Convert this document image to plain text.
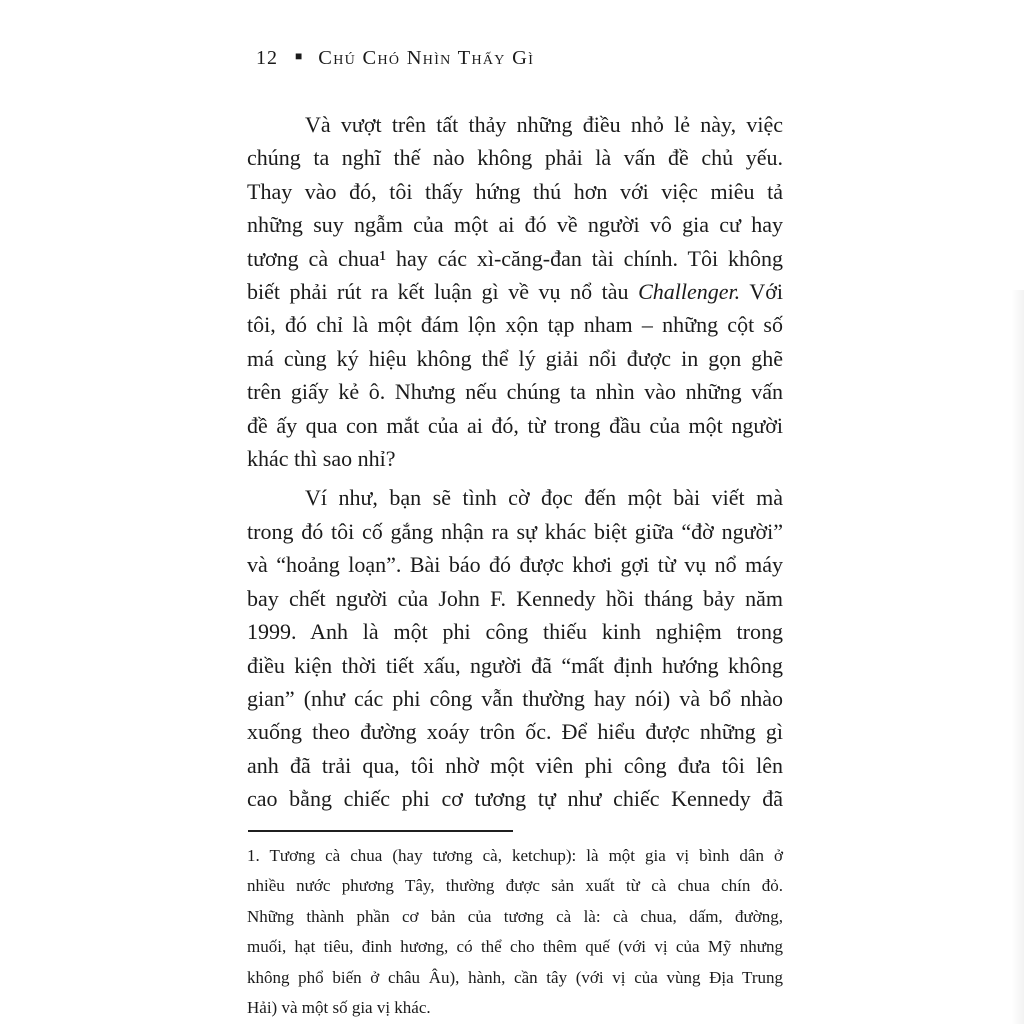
12 ■ Chú Chó Nhìn Thấy Gì
Và vượt trên tất thảy những điều nhỏ lẻ này, việc
chúng ta nghĩ thế nào không phải là vấn đề chủ yếu.
Thay vào đó, tôi thấy hứng thú hơn với việc miêu tả
những suy ngẫm của một ai đó về người vô gia cư hay
tương cà chua¹ hay các xì-căng-đan tài chính. Tôi không
biết phải rút ra kết luận gì về vụ nổ tàu Challenger. Với
tôi, đó chỉ là một đám lộn xộn tạp nham – những cột số
má cùng ký hiệu không thể lý giải nổi được in gọn ghẽ
trên giấy kẻ ô. Nhưng nếu chúng ta nhìn vào những vấn
đề ấy qua con mắt của ai đó, từ trong đầu của một người
khác thì sao nhỉ?
Ví như, bạn sẽ tình cờ đọc đến một bài viết mà
trong đó tôi cố gắng nhận ra sự khác biệt giữa “đờ người”
và “hoảng loạn”. Bài báo đó được khơi gợi từ vụ nổ máy
bay chết người của John F. Kennedy hồi tháng bảy năm
1999. Anh là một phi công thiếu kinh nghiệm trong
điều kiện thời tiết xấu, người đã “mất định hướng không
gian” (như các phi công vẫn thường hay nói) và bổ nhào
xuống theo đường xoáy trôn ốc. Để hiểu được những gì
anh đã trải qua, tôi nhờ một viên phi công đưa tôi lên
cao bằng chiếc phi cơ tương tự như chiếc Kennedy đã
1. Tương cà chua (hay tương cà, ketchup): là một gia vị bình dân ở
nhiều nước phương Tây, thường được sản xuất từ cà chua chín đỏ.
Những thành phần cơ bản của tương cà là: cà chua, dấm, đường,
muối, hạt tiêu, đinh hương, có thể cho thêm quế (với vị của Mỹ nhưng
không phổ biến ở châu Âu), hành, cần tây (với vị của vùng Địa Trung
Hải) và một số gia vị khác.
